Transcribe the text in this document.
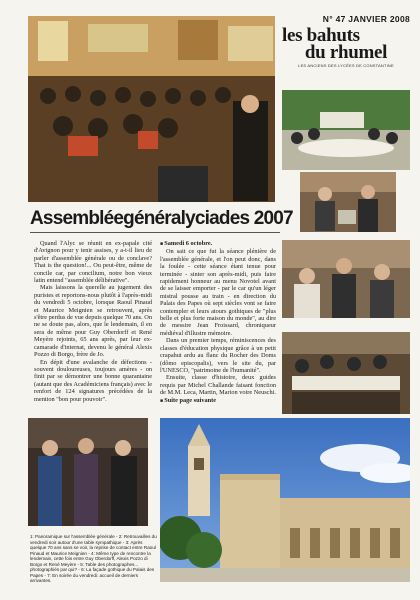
N° 47 JANVIER 2008
les bahuts
du rhumel
LES ANCIENS DES LYCÉES DE CONSTANTINE
Assembléegénéralyciades 2007

Quand l'Alyc se réunit en ex-papale cité d'Avignon pour y tenir assises, y a-t-il lieu de parler d'assemblée générale ou de conclave? That is the question!... Ou peut-être, même de concile car, par concilium, notre bon vieux latin entend "assemblée délibérative".

Mais laissons la querelle au jugement des puristes et reportons-nous plutôt à l'après-midi du vendredi 5 octobre, lorsque Raoul Pinaud et Maurice Meignien se retrouvent, après s'être perdus de vue depuis quelque 70 ans. On ne se doute pas, alors, que le lendemain, il en sera de même pour Guy Oberdorff et René Meyère rejoints, 65 ans après, par leur ex-camarade d'internat, devenu le général Alexis Pozzo di Borgo, frère de Jo.

En dépit d'une avalanche de défections - souvent douloureuses, toujours amères - on finit par se démontrer une bonne quarantaine (autant que des Académiciens français) avec le renfort de 124 signatures précédées de la mention "bon pour pouvoir".

■ Samedi 6 octobre.

On sait ce que fut la séance plénière de l'assemblée générale, et l'on peut donc, dans la foulée - cette séance étant tenue pour terminée - sinter son après-midi, puis faire rapidement honneur au menu Novotel avant de se laisser emporter - par le car qu'un léger mistral pousse au train - en direction du Palais des Papes où sept siècles vont se faire contempler et leurs atours gothiques de "plus belle et plus forte maison du monde", au dire de messire Jean Froissard, chroniqueur médiéval d'illustre mémoire.

Dans un premier temps, réminiscences des classes d'éducation physique grâce à un petit crapahut ardu au flanc du Rocher des Doms (dômo episcopalis), vers le site du, par l'UNESCO, "patrimoine de l'humanité".

Ensuite, classe d'histoire, deux guides requis par Michel Challande faisant fonction de M.M. Leca, Martin, Marion voire Neuschi.

■ Suite page suivante

1: Panoramique sur l'assemblée générale - 2: Retrouvailles du vendredi soir autour d'une table sympathique - 3: Après quelque 70 ans sans se voir, la reprise de contact entre Raoul Pinaud et Maurice Meignien - 4: Même type de rencontre la lendemain, cette fois entre Guy Oberdorff, Alexis Pozzo di Borgo et René Meyère - 5: Table des photographes... photographiés par qui? - 6: La façade gothique du Palais des Papes - 7: En soirée du vendredi: accueil de derniers arrivantes.
